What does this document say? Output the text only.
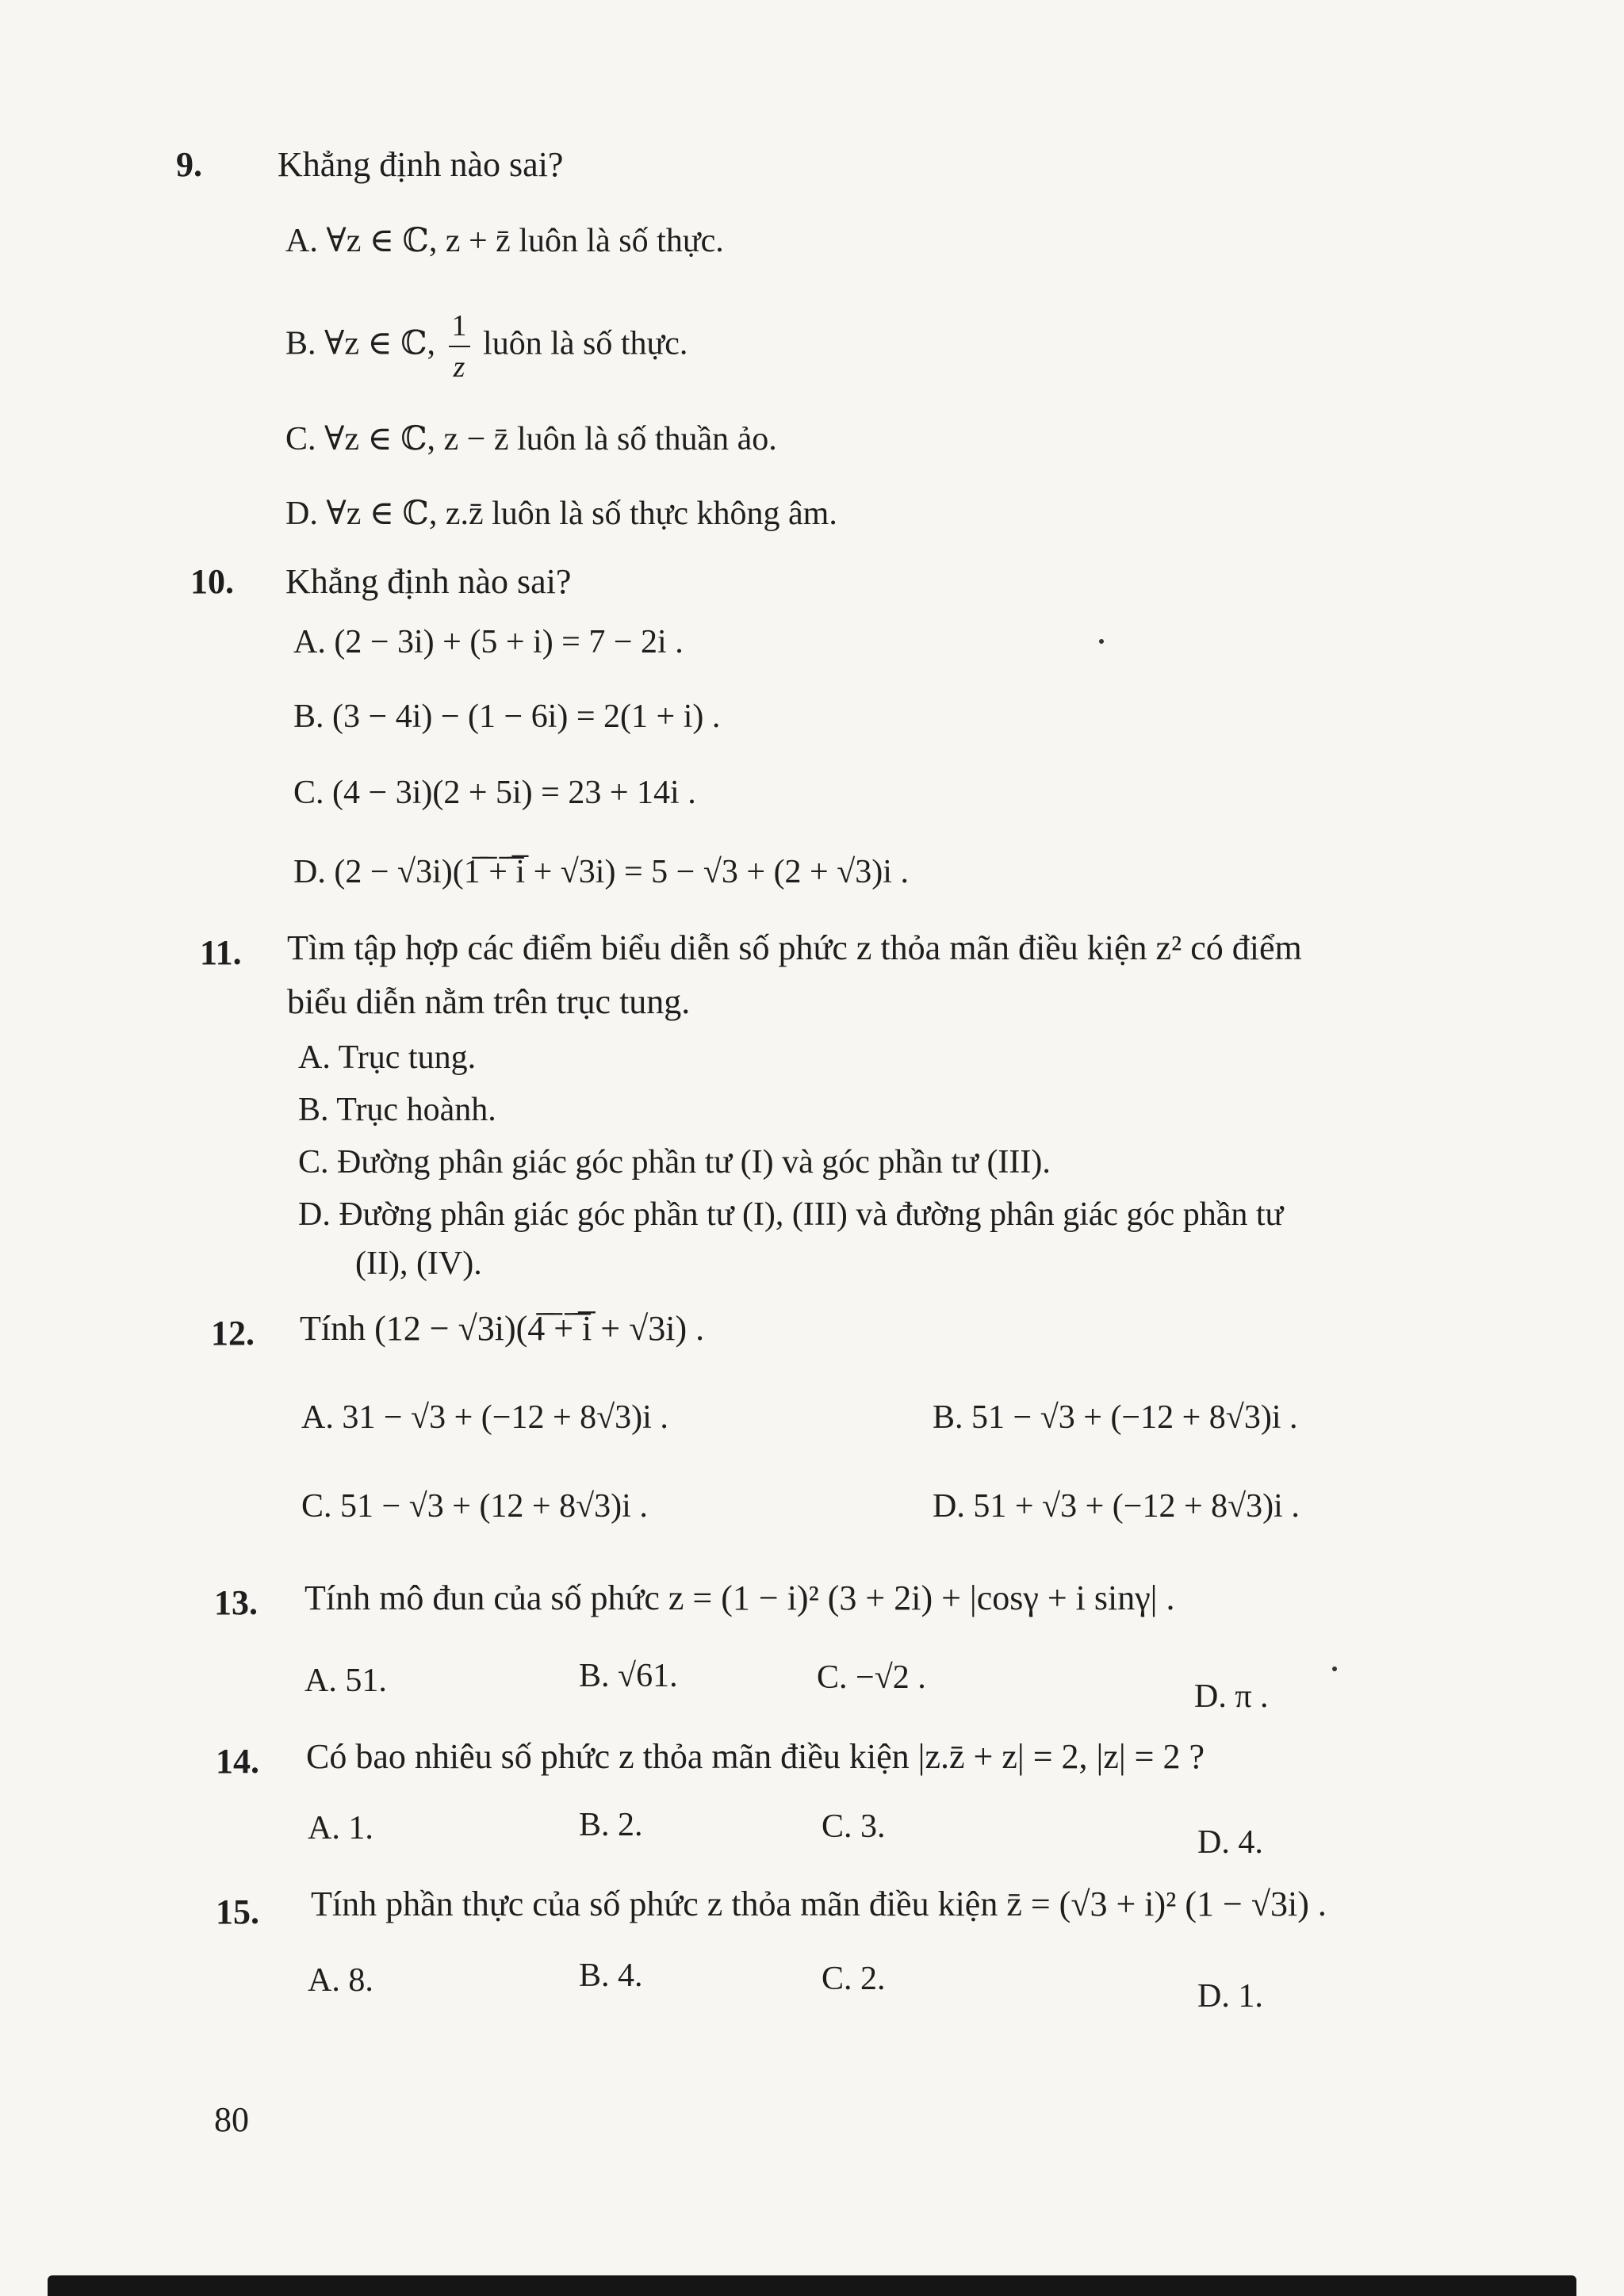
9. Khẳng định nào sai?
A. ∀z ∈ ℂ, z + z̄ luôn là số thực.
B. ∀z ∈ ℂ, $\frac{1}{z}$ luôn là số thực.
C. ∀z ∈ ℂ, z − z̄ luôn là số thuần ảo.
D. ∀z ∈ ℂ, z.z̄ luôn là số thực không âm.
10. Khẳng định nào sai?
A. (2 − 3i) + (5 + i) = 7 − 2i .
B. (3 − 4i) − (1 − 6i) = 2(1 + i) .
C. (4 − 3i)(2 + 5i) = 23 + 14i .
D. (2 − √3i)(1̅ ̅+̅ ̅i̅ + √3i) = 5 − √3 + (2 + √3)i .
11. Tìm tập hợp các điểm biểu diễn số phức z thỏa mãn điều kiện z² có điểm
biểu diễn nằm trên trục tung.
A. Trục tung.
B. Trục hoành.
C. Đường phân giác góc phần tư (I) và góc phần tư (III).
D. Đường phân giác góc phần tư (I), (III) và đường phân giác góc phần tư
(II), (IV).
12. Tính (12 − √3i)(4̅ ̅+̅ ̅i̅ + √3i) .
A. 31 − √3 + (−12 + 8√3)i .	B. 51 − √3 + (−12 + 8√3)i .
C. 51 − √3 + (12 + 8√3)i .	D. 51 + √3 + (−12 + 8√3)i .
13. Tính mô đun của số phức z = (1 − i)² (3 + 2i) + |cosγ + i sinγ| .
A. 51.	B. √61.	C. −√2 .
D. π .
14. Có bao nhiêu số phức z thỏa mãn điều kiện |z.z̄ + z| = 2, |z| = 2 ?
A. 1.	B. 2.	C. 3.	D. 4.
15. Tính phần thực của số phức z thỏa mãn điều kiện z̄ = (√3 + i)² (1 − √3i) .
A. 8.	B. 4.	C. 2.	D. 1.
80
